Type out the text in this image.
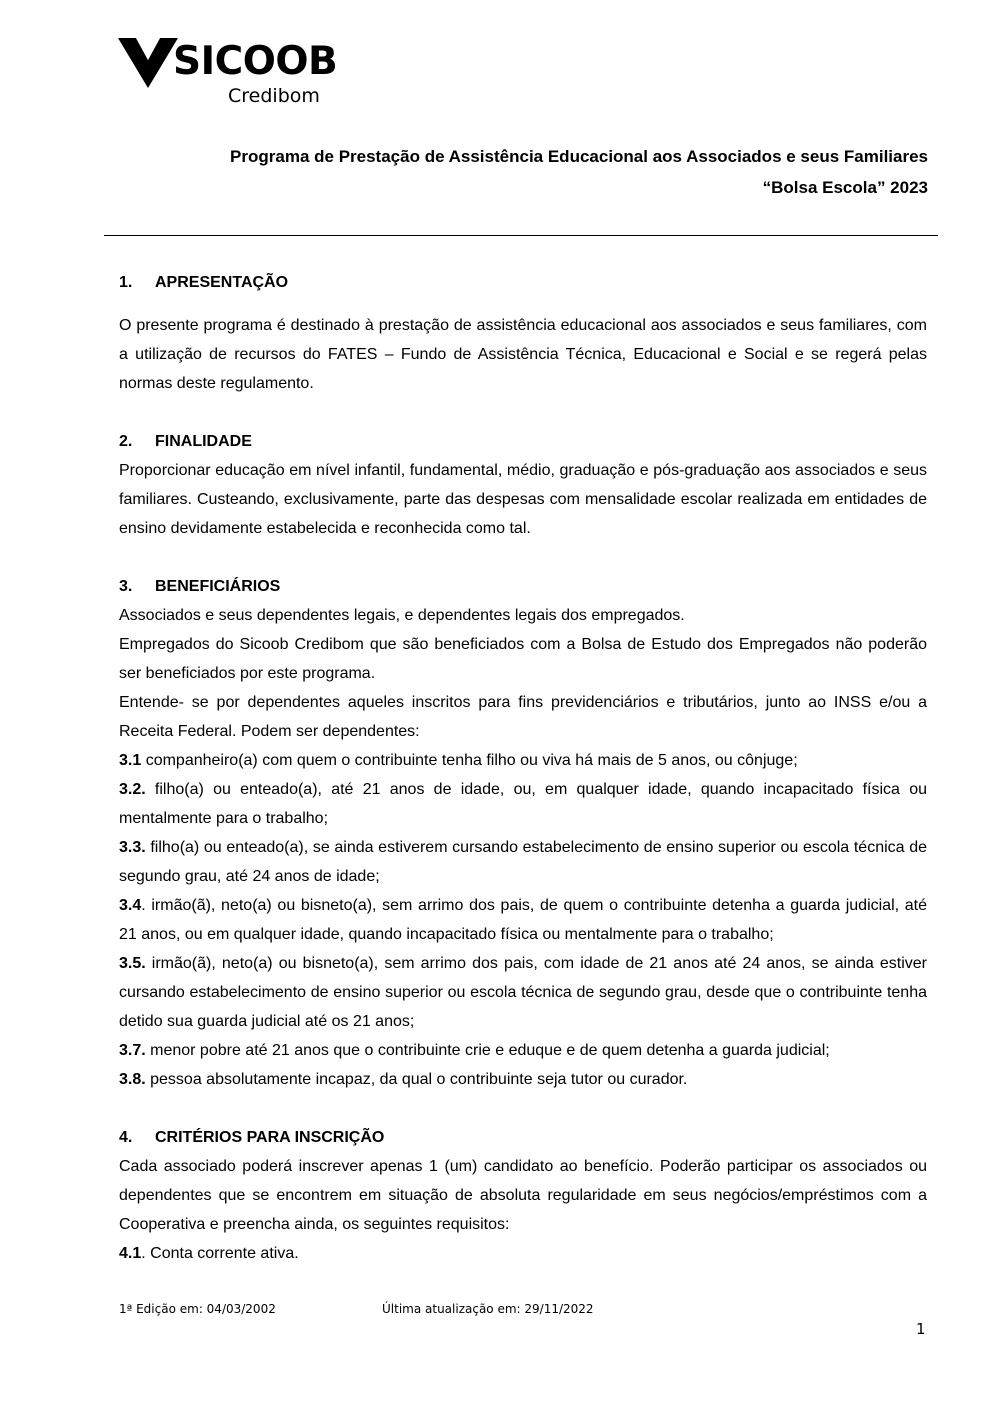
SICOOB
Credibom
Programa de Prestação de Assistência Educacional aos Associados e seus Familiares
“Bolsa Escola” 2023
1. APRESENTAÇÃO

O presente programa é destinado à prestação de assistência educacional aos associados e seus familiares, com a utilização de recursos do FATES – Fundo de Assistência Técnica, Educacional e Social e se regerá pelas normas deste regulamento.

2. FINALIDADE

Proporcionar educação em nível infantil, fundamental, médio, graduação e pós-graduação aos associados e seus familiares. Custeando, exclusivamente, parte das despesas com mensalidade escolar realizada em entidades de ensino devidamente estabelecida e reconhecida como tal.

3. BENEFICIÁRIOS

Associados e seus dependentes legais, e dependentes legais dos empregados.

Empregados do Sicoob Credibom que são beneficiados com a Bolsa de Estudo dos Empregados não poderão ser beneficiados por este programa.

Entende- se por dependentes aqueles inscritos para fins previdenciários e tributários, junto ao INSS e/ou a Receita Federal. Podem ser dependentes:

3.1 companheiro(a) com quem o contribuinte tenha filho ou viva há mais de 5 anos, ou cônjuge;

3.2. filho(a) ou enteado(a), até 21 anos de idade, ou, em qualquer idade, quando incapacitado física ou mentalmente para o trabalho;

3.3. filho(a) ou enteado(a), se ainda estiverem cursando estabelecimento de ensino superior ou escola técnica de segundo grau, até 24 anos de idade;

3.4. irmão(ã), neto(a) ou bisneto(a), sem arrimo dos pais, de quem o contribuinte detenha a guarda judicial, até 21 anos, ou em qualquer idade, quando incapacitado física ou mentalmente para o trabalho;

3.5. irmão(ã), neto(a) ou bisneto(a), sem arrimo dos pais, com idade de 21 anos até 24 anos, se ainda estiver cursando estabelecimento de ensino superior ou escola técnica de segundo grau, desde que o contribuinte tenha detido sua guarda judicial até os 21 anos;

3.7. menor pobre até 21 anos que o contribuinte crie e eduque e de quem detenha a guarda judicial;

3.8. pessoa absolutamente incapaz, da qual o contribuinte seja tutor ou curador.

4. CRITÉRIOS PARA INSCRIÇÃO

Cada associado poderá inscrever apenas 1 (um) candidato ao benefício. Poderão participar os associados ou dependentes que se encontrem em situação de absoluta regularidade em seus negócios/empréstimos com a Cooperativa e preencha ainda, os seguintes requisitos:

4.1. Conta corrente ativa.

1ª Edição em: 04/03/2002	Última atualização em: 29/11/2022
1
